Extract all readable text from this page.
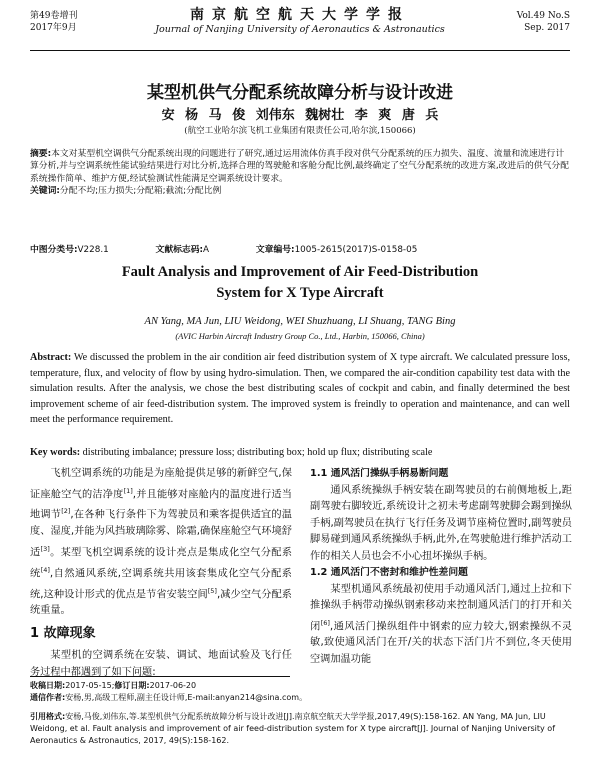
第49卷增刊
2017年9月
南京航空航天大学学报
Journal of Nanjing University of Aeronautics & Astronautics
Vol.49 No.S
Sep. 2017
某型机供气分配系统故障分析与设计改进
安 杨 马 俊 刘伟东 魏树壮 李 爽 唐 兵
(航空工业哈尔滨飞机工业集团有限责任公司,哈尔滨,150066)
摘要:本文对某型机空调供气分配系统出现的问题进行了研究,通过运用流体仿真手段对供气分配系统的压力损失、温度、流量和流速进行计算分析,并与空调系统性能试验结果进行对比分析,选择合理的驾驶舱和客舱分配比例,最终确定了空气分配系统的改进方案,改进后的供气分配系统操作简单、维护方便,经试验测试性能满足空调系统设计要求。
关键词:分配不均;压力损失;分配箱;截流;分配比例
中图分类号:V228.1	文献标志码:A	文章编号:1005-2615(2017)S-0158-05
Fault Analysis and Improvement of Air Feed-Distribution
System for X Type Aircraft
AN Yang, MA Jun, LIU Weidong, WEI Shuzhuang, LI Shuang, TANG Bing
(AVIC Harbin Aircraft Industry Group Co., Ltd., Harbin, 150066, China)
Abstract: We discussed the problem in the air condition air feed distribution system of X type aircraft. We calculated pressure loss, temperature, flux, and velocity of flow by using hydro-simulation. Then, we compared the air-condition capability test data with the simulation results. After the analysis, we chose the best distributing scales of cockpit and cabin, and finally determined the best improvement scheme of air feed-distribution system. The improved system is freindly to operation and maintenance, and can well meet the performance requirement.
Key words: distributing imbalance; pressure loss; distributing box; hold up flux; distributing scale

飞机空调系统的功能是为座舱提供足够的新鲜空气,保证座舱空气的洁净度[1],并且能够对座舱内的温度进行适当地调节[2],在各种飞行条件下为驾驶员和乘客提供适宜的温度、湿度,并能为风挡玻璃除雾、除霜,确保座舱空气环境舒适[3]。某型飞机空调系统的设计亮点是集成化空气分配系统[4],自然通风系统,空调系统共用该套集成化空气分配系统,这种设计形式的优点是节省安装空间[5],减少空气分配系统重量。

1 故障现象

某型机的空调系统在安装、调试、地面试验及飞行任务过程中都遇到了如下问题:

1.1 通风活门操纵手柄易断问题

通风系统操纵手柄安装在副驾驶员的右前侧地板上,距副驾驶右脚较近,系统设计之初未考虑副驾驶脚会踢到操纵手柄,副驾驶员在执行飞行任务及调节座椅位置时,副驾驶员脚易碰到通风系统操纵手柄,此外,在驾驶舱进行维护活动工作的相关人员也会不小心扭坏操纵手柄。

1.2 通风活门不密封和维护性差问题

某型机通风系统最初使用手动通风活门,通过上拉和下推操纵手柄带动操纵钢索移动来控制通风活门的打开和关闭[6],通风活门操纵组件中钢索的应力较大,钢索操纵不灵敏,致使通风活门在开/关的状态下活门片不到位,冬天使用空调加温功能

收稿日期:2017-05-15;修订日期:2017-06-20
通信作者:安杨,男,高级工程师,副主任设计师,E-mail:anyan214@sina.com。
引用格式:安杨,马俊,刘伟东,等.某型机供气分配系统故障分析与设计改进[J].南京航空航天大学学报,2017,49(S):158-162. AN Yang, MA Jun, LIU Weidong, et al. Fault analysis and improvement of air feed-distribution system for X type aircraft[J]. Journal of Nanjing University of Aeronautics & Astronautics, 2017, 49(S):158-162.
